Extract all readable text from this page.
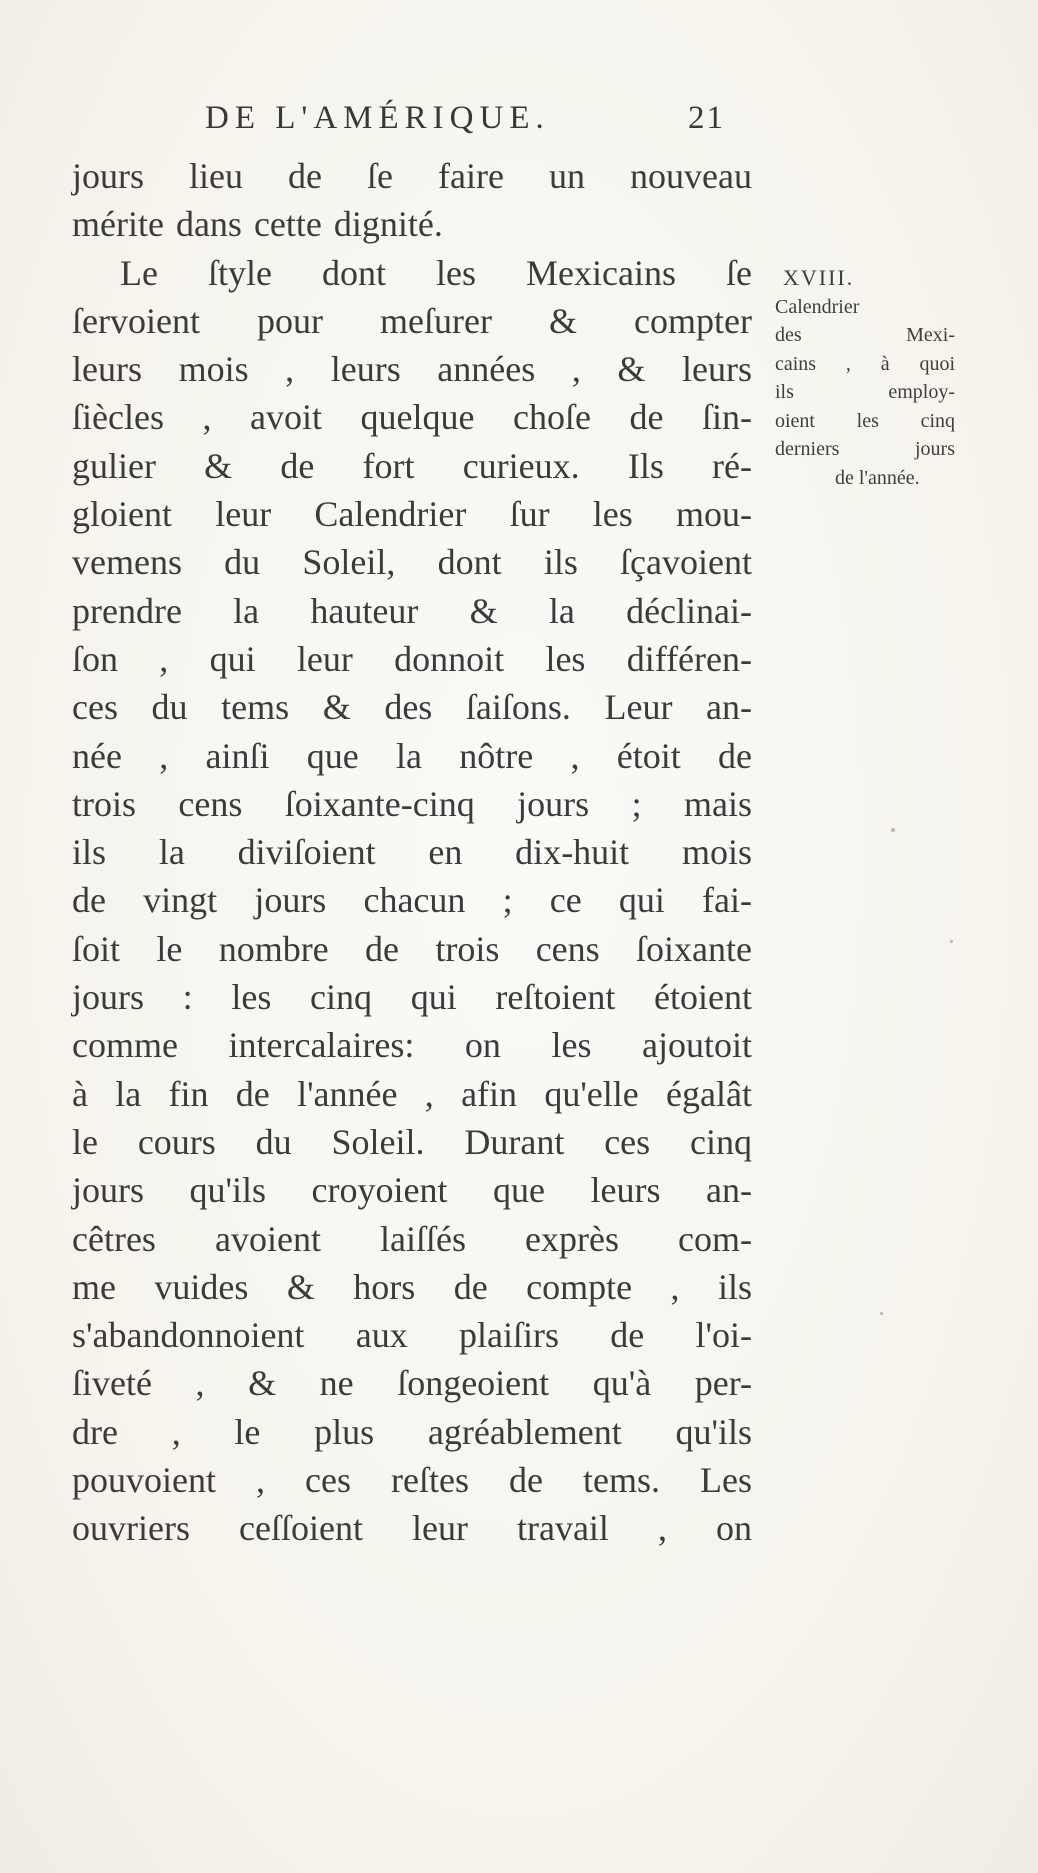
DE L'AMÉRIQUE.	21
jours lieu de ſe faire un nouveau
mérite dans cette dignité.
Le ſtyle dont les Mexicains ſe
ſervoient pour meſurer & compter
leurs mois , leurs années , & leurs
ſiècles , avoit quelque choſe de ſin-
gulier & de fort curieux. Ils ré-
gloient leur Calendrier ſur les mou-
vemens du Soleil, dont ils ſçavoient
prendre la hauteur & la déclinai-
ſon , qui leur donnoit les différen-
ces du tems & des ſaiſons. Leur an-
née , ainſi que la nôtre , étoit de
trois cens ſoixante-cinq jours ; mais
ils la diviſoient en dix-huit mois
de vingt jours chacun ; ce qui fai-
ſoit le nombre de trois cens ſoixante
jours : les cinq qui reſtoient étoient
comme intercalaires: on les ajoutoit
à la fin de l'année , afin qu'elle égalât
le cours du Soleil. Durant ces cinq
jours qu'ils croyoient que leurs an-
cêtres avoient laiſſés exprès com-
me vuides & hors de compte , ils
s'abandonnoient aux plaiſirs de l'oi-
ſiveté , & ne ſongeoient qu'à per-
dre , le plus agréablement qu'ils
pouvoient , ces reſtes de tems. Les
ouvriers ceſſoient leur travail , on
XVIII.
Calendrier
des Mexi-
cains , à quoi
ils employ-
oient les cinq
derniers jours
de l'année.
